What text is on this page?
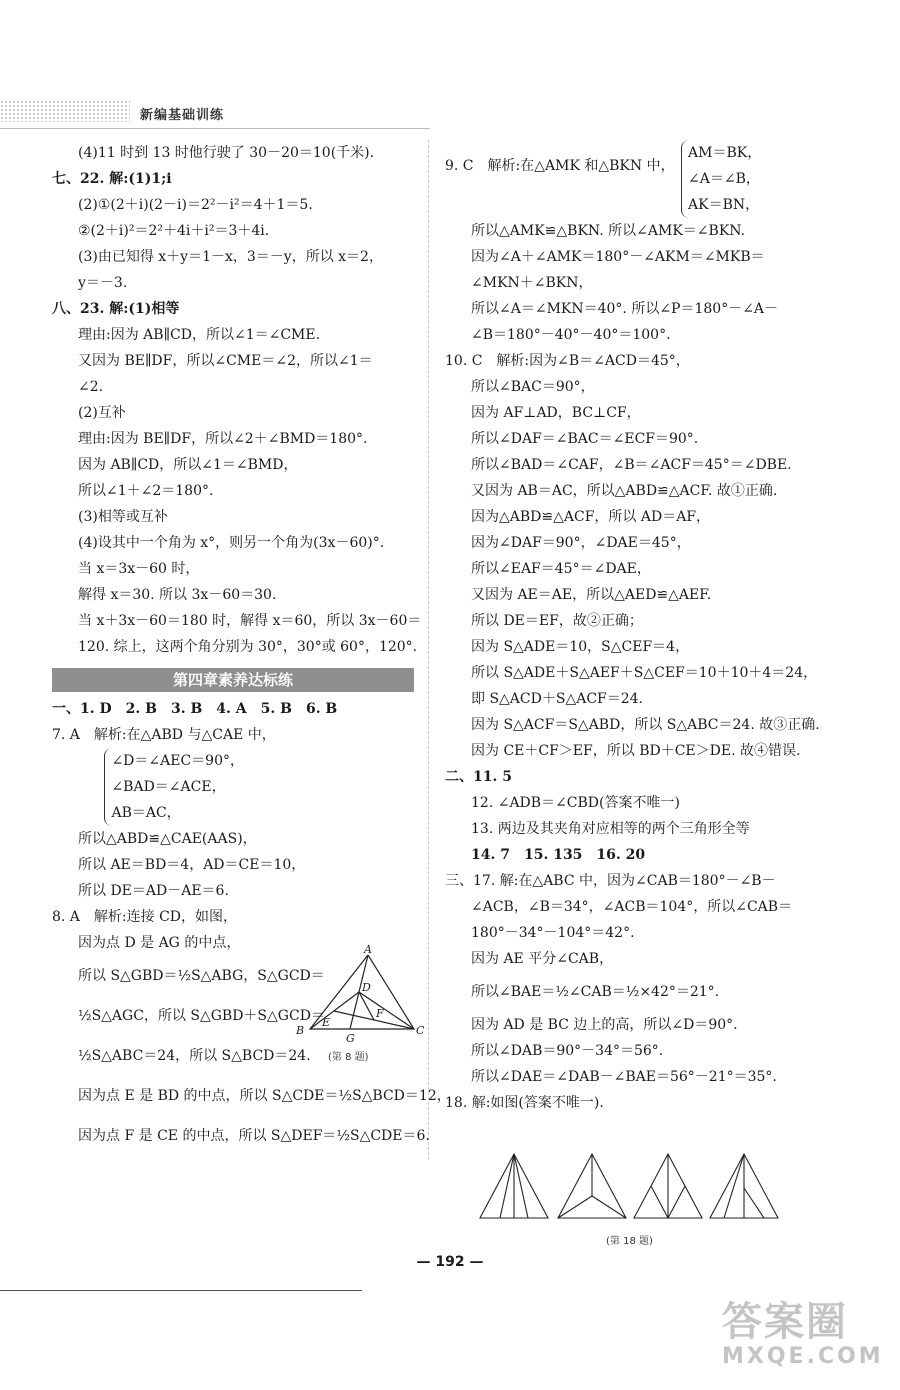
新编基础训练
(4)11 时到 13 时他行驶了 30－20＝10(千米).
七、22. 解:(1)1;i
(2)①(2＋i)(2－i)＝2²－i²＝4＋1＝5.
②(2＋i)²＝2²＋4i＋i²＝3＋4i.
(3)由已知得 x＋y＝1－x，3＝－y，所以 x＝2，
y＝－3.
八、23. 解:(1)相等
理由:因为 AB∥CD，所以∠1＝∠CME.
又因为 BE∥DF，所以∠CME＝∠2，所以∠1＝
∠2.
(2)互补
理由:因为 BE∥DF，所以∠2＋∠BMD＝180°.
因为 AB∥CD，所以∠1＝∠BMD，
所以∠1＋∠2＝180°.
(3)相等或互补
(4)设其中一个角为 x°，则另一个角为(3x－60)°.
当 x＝3x－60 时，
解得 x＝30. 所以 3x－60＝30.
当 x＋3x－60＝180 时，解得 x＝60，所以 3x－60＝
120. 综上，这两个角分别为 30°，30°或 60°，120°.
第四章素养达标练
一、1. D　2. B　3. B　4. A　5. B　6. B
7. A　解析:在△ABD 与△CAE 中，

∠D＝∠AEC＝90°，
∠BAD＝∠ACE，
AB＝AC，
所以△ABD≌△CAE(AAS)，
所以 AE＝BD＝4，AD＝CE＝10，
所以 DE＝AD－AE＝6.
8. A　解析:连接 CD，如图，
因为点 D 是 AG 的中点，
所以 S△GBD＝½S△ABG，S△GCD＝
½S△AGC，所以 S△GBD＋S△GCD＝
½S△ABC＝24，所以 S△BCD＝24.
因为点 E 是 BD 的中点，所以 S△CDE＝½S△BCD＝12，
因为点 F 是 CE 的中点，所以 S△DEF＝½S△CDE＝6.
A
B	C
D
E
F
G
(第 8 题)
9. C　解析:在△AMK 和△BKN 中，
AM＝BK，
∠A＝∠B，
AK＝BN，
所以△AMK≌△BKN. 所以∠AMK＝∠BKN.
因为∠A＋∠AMK＝180°－∠AKM＝∠MKB＝
∠MKN＋∠BKN，
所以∠A＝∠MKN＝40°. 所以∠P＝180°－∠A－
∠B＝180°－40°－40°＝100°.
10. C　解析:因为∠B＝∠ACD＝45°，
所以∠BAC＝90°，
因为 AF⊥AD，BC⊥CF，
所以∠DAF＝∠BAC＝∠ECF＝90°.
所以∠BAD＝∠CAF，∠B＝∠ACF＝45°＝∠DBE.
又因为 AB＝AC，所以△ABD≌△ACF. 故①正确.
因为△ABD≌△ACF，所以 AD＝AF，
因为∠DAF＝90°，∠DAE＝45°，
所以∠EAF＝45°＝∠DAE，
又因为 AE＝AE，所以△AED≌△AEF.
所以 DE＝EF，故②正确；
因为 S△ADE＝10，S△CEF＝4，
所以 S△ADE＋S△AEF＋S△CEF＝10＋10＋4＝24，
即 S△ACD＋S△ACF＝24.
因为 S△ACF＝S△ABD，所以 S△ABC＝24. 故③正确.
因为 CE＋CF＞EF，所以 BD＋CE＞DE. 故④错误.
二、11. 5
12. ∠ADB＝∠CBD(答案不唯一)
13. 两边及其夹角对应相等的两个三角形全等
14. 7　15. 135　16. 20
三、17. 解:在△ABC 中，因为∠CAB＝180°－∠B－
∠ACB，∠B＝34°，∠ACB＝104°，所以∠CAB＝
180°－34°－104°＝42°.
因为 AE 平分∠CAB，
所以∠BAE＝½∠CAB＝½×42°＝21°.
因为 AD 是 BC 边上的高，所以∠D＝90°.
所以∠DAB＝90°－34°＝56°.
所以∠DAE＝∠DAB－∠BAE＝56°－21°＝35°.
18. 解:如图(答案不唯一).
(第 18 题)
— 192 —
答案圈
MXQE.COM
